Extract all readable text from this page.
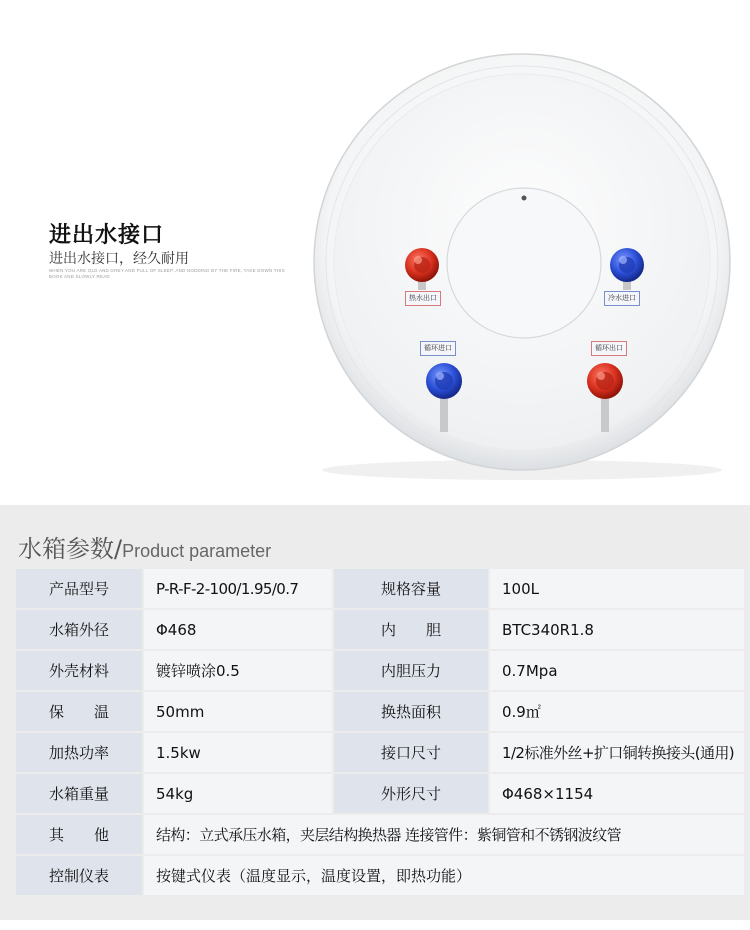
进出水接口
进出水接口，经久耐用
WHEN YOU ARE OLD AND GREY AND FULL OF SLEEP, AND NODDING BY THE FIRE, TAKE DOWN THIS BOOK AND SLOWLY READ
热水出口	冷水进口
循环进口	循环出口
水箱参数/Product parameter
产品型号	P-R-F-2-100/1.95/0.7	规格容量	100L
水箱外径	Φ468	内　　胆	BTC340R1.8
外壳材料	镀锌喷涂0.5	内胆压力	0.7Mpa
保　　温	50mm	换热面积	0.9㎡
加热功率	1.5kw	接口尺寸	1/2标准外丝+扩口铜转换接头(通用)
水箱重量	54kg	外形尺寸	Φ468×1154
其　　他	结构：立式承压水箱，夹层结构换热器 连接管件：紫铜管和不锈钢波纹管		
控制仪表	按键式仪表（温度显示，温度设置，即热功能）		
